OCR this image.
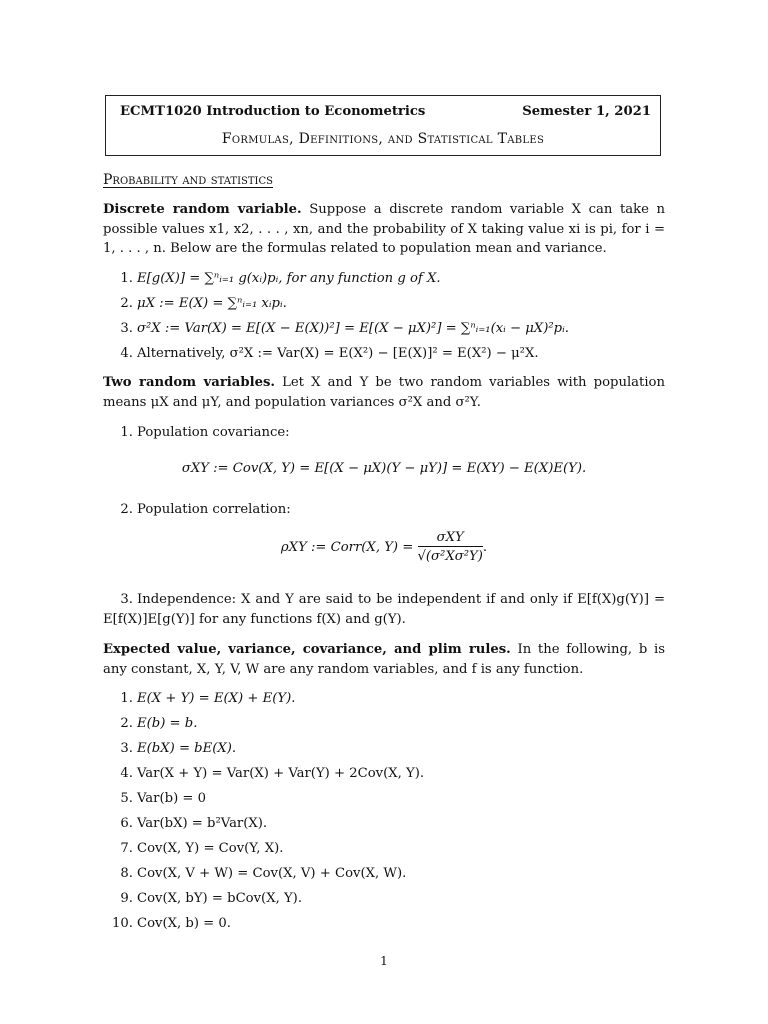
ECMT1020 Introduction to Econometrics	Semester 1, 2021
Formulas, Definitions, and Statistical Tables
Probability and statistics
Discrete random variable. Suppose a discrete random variable X can take n possible values x1, x2, . . . , xn, and the probability of X taking value xi is pi, for i = 1, . . . , n. Below are the formulas related to population mean and variance.
1. E[g(X)] = ∑ⁿᵢ₌₁ g(xᵢ)pᵢ, for any function g of X.
2. μX := E(X) = ∑ⁿᵢ₌₁ xᵢpᵢ.
3. σ²X := Var(X) = E[(X − E(X))²] = E[(X − μX)²] = ∑ⁿᵢ₌₁(xᵢ − μX)²pᵢ.
4. Alternatively, σ²X := Var(X) = E(X²) − [E(X)]² = E(X²) − μ²X.
Two random variables. Let X and Y be two random variables with population means μX and μY, and population variances σ²X and σ²Y.
1. Population covariance:
2. Population correlation:
σXY := Cov(X, Y) = E[(X − μX)(Y − μY)] = E(XY) − E(X)E(Y).
ρXY := Corr(X, $Y) = \frac{\text{σXY}}{\text{√(σ²Xσ²Y)}}$ .
3. Independence: X and Y are said to be independent if and only if E[f(X)g(Y)] = E[f(X)]E[g(Y)] for any functions f(X) and g(Y).
Expected value, variance, covariance, and plim rules. In the following, b is any constant, X, Y, V, W are any random variables, and f is any function.
1. E(X + Y) = E(X) + E(Y).
2. E(b) = b.
3. E(bX) = bE(X).
4. Var(X + Y) = Var(X) + Var(Y) + 2Cov(X, Y).
5. Var(b) = 0
6. Var(bX) = b²Var(X).
7. Cov(X, Y) = Cov(Y, X).
8. Cov(X, V + W) = Cov(X, V) + Cov(X, W).
9. Cov(X, bY) = bCov(X, Y).
10. Cov(X, b) = 0.
1
